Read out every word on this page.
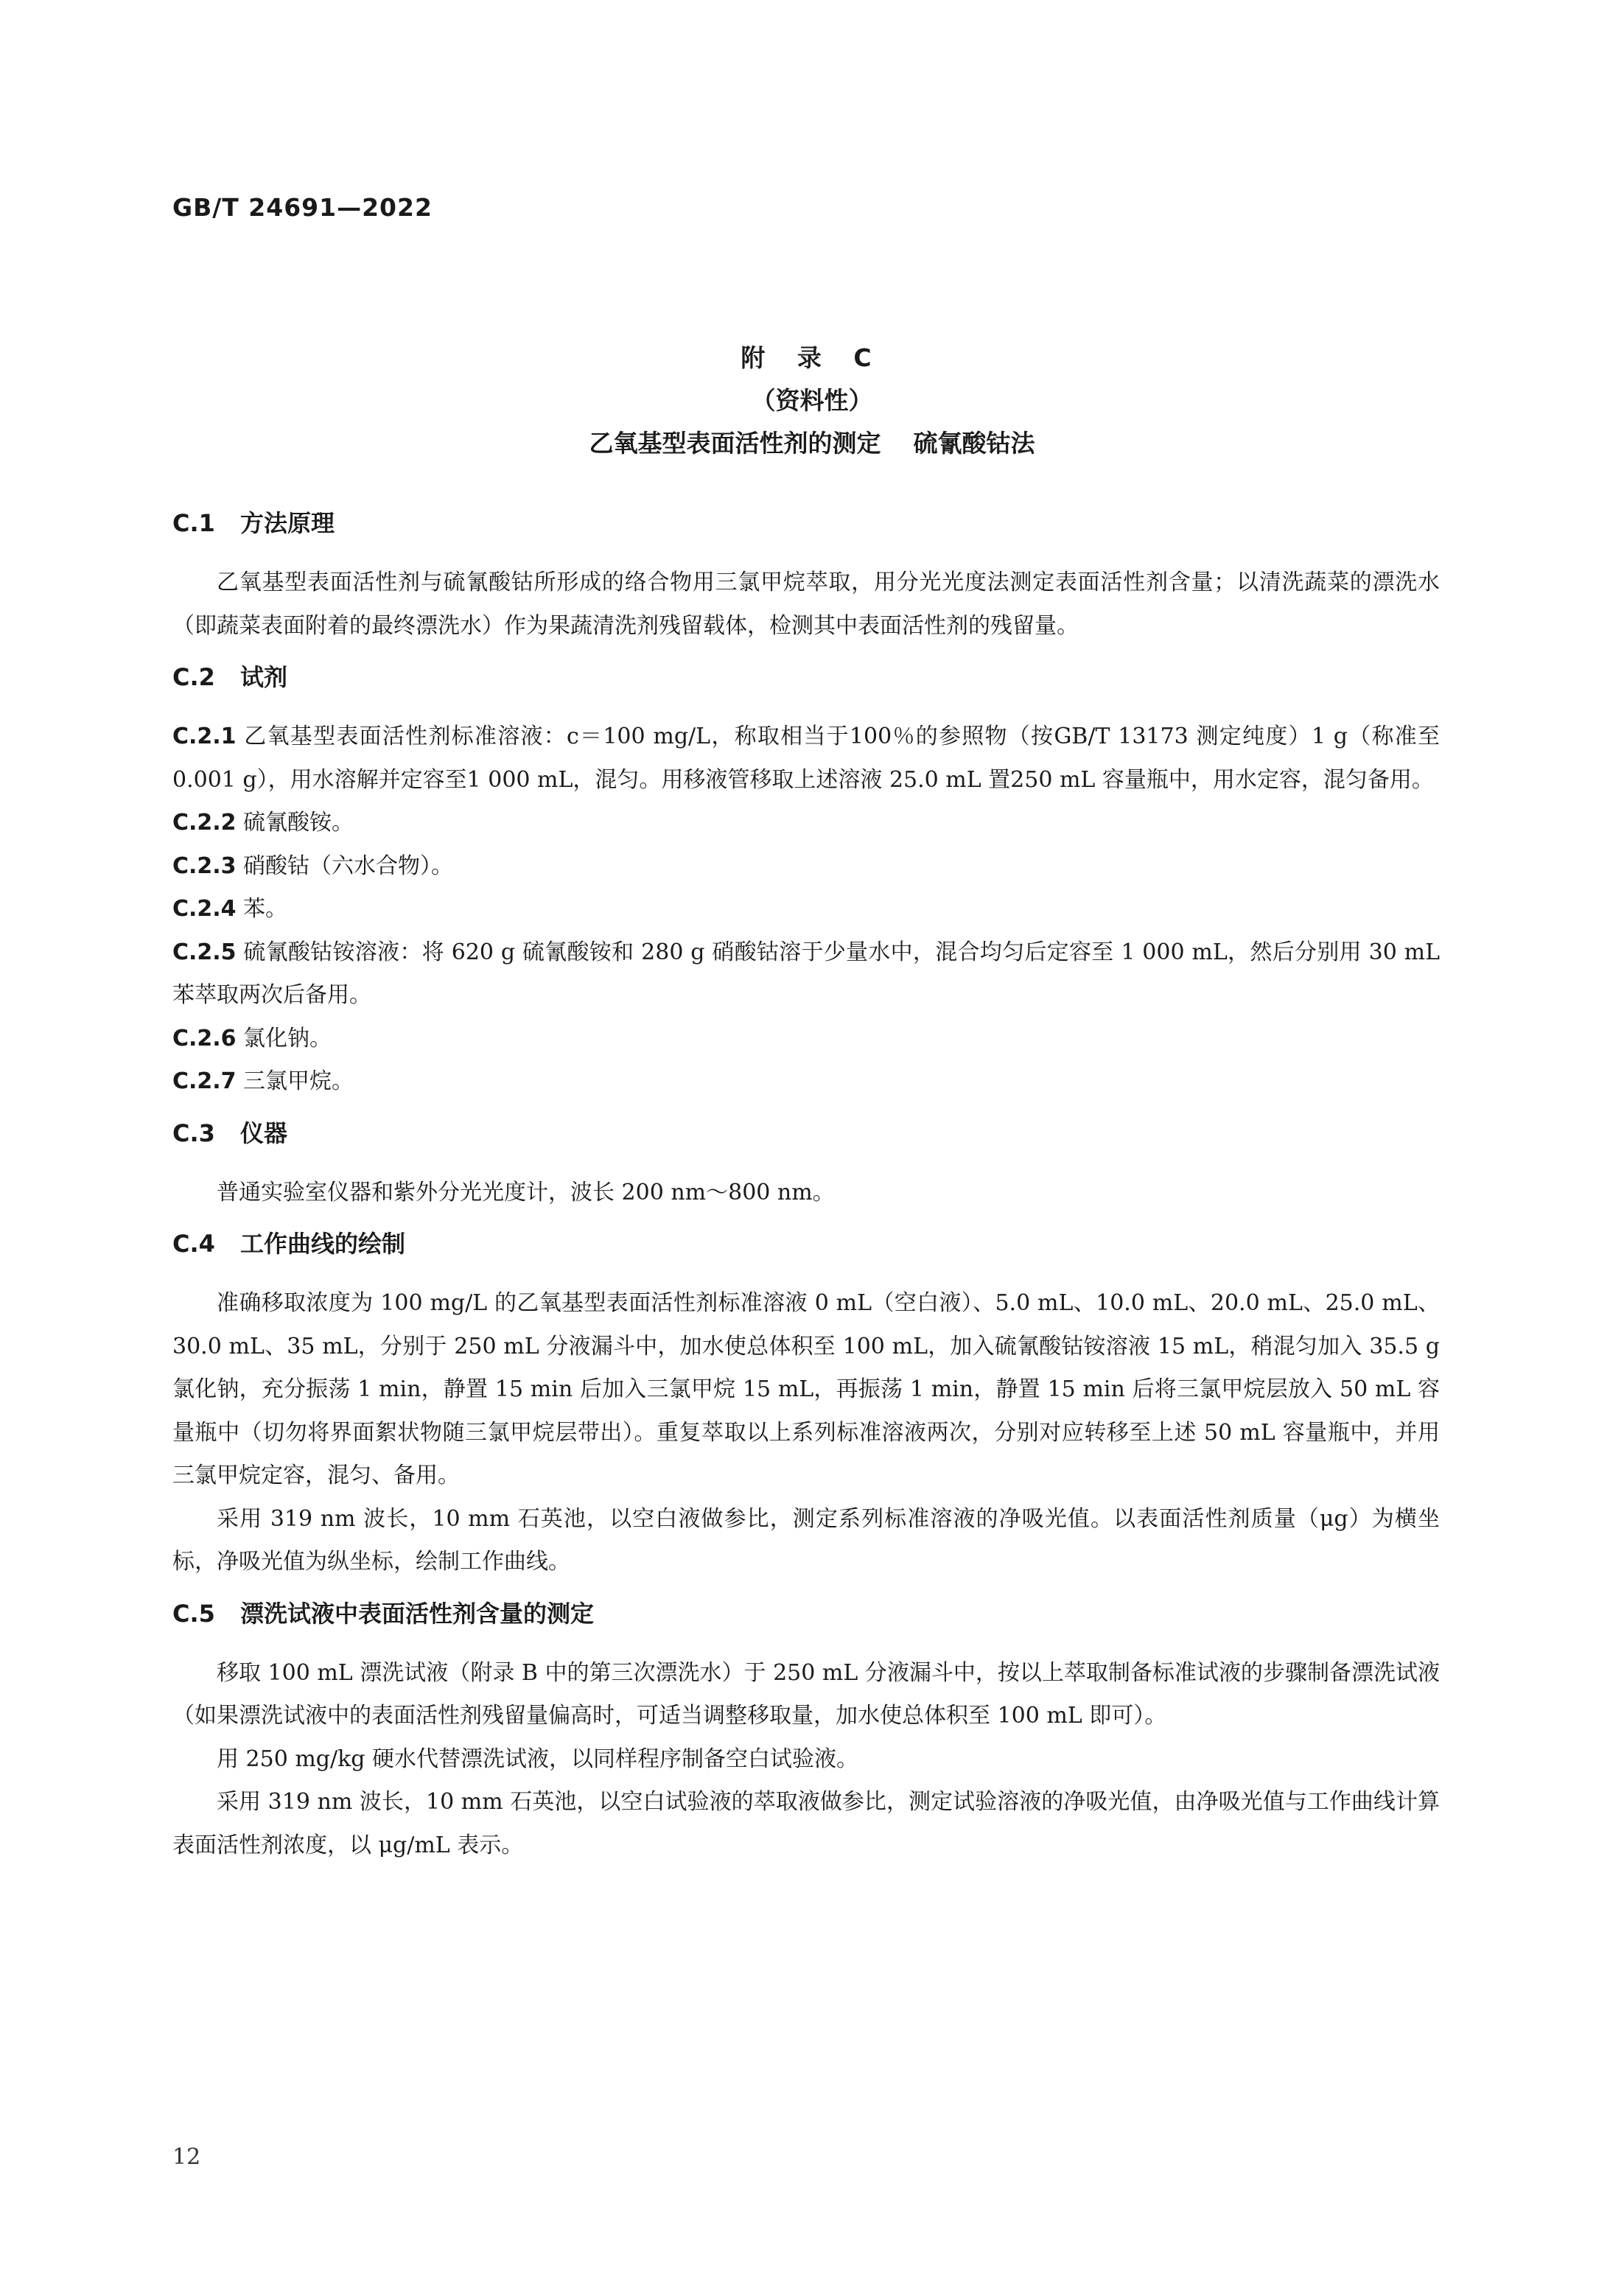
GB/T 24691—2022
附 录 C
（资料性）
乙氧基型表面活性剂的测定 硫氰酸钴法
C.1 方法原理

乙氧基型表面活性剂与硫氰酸钴所形成的络合物用三氯甲烷萃取，用分光光度法测定表面活性剂含量；以清洗蔬菜的漂洗水（即蔬菜表面附着的最终漂洗水）作为果蔬清洗剂残留载体，检测其中表面活性剂的残留量。

C.2 试剂

C.2.1 乙氧基型表面活性剂标准溶液：c＝100 mg/L，称取相当于100％的参照物（按GB/T 13173 测定纯度）1 g（称准至0.001 g），用水溶解并定容至1 000 mL，混匀。用移液管移取上述溶液 25.0 mL 置250 mL 容量瓶中，用水定容，混匀备用。

C.2.2 硫氰酸铵。

C.2.3 硝酸钴（六水合物）。

C.2.4 苯。

C.2.5 硫氰酸钴铵溶液：将 620 g 硫氰酸铵和 280 g 硝酸钴溶于少量水中，混合均匀后定容至 1 000 mL，然后分别用 30 mL 苯萃取两次后备用。

C.2.6 氯化钠。

C.2.7 三氯甲烷。

C.3 仪器

普通实验室仪器和紫外分光光度计，波长 200 nm～800 nm。

C.4 工作曲线的绘制

准确移取浓度为 100 mg/L 的乙氧基型表面活性剂标准溶液 0 mL（空白液）、5.0 mL、10.0 mL、20.0 mL、25.0 mL、30.0 mL、35 mL，分别于 250 mL 分液漏斗中，加水使总体积至 100 mL，加入硫氰酸钴铵溶液 15 mL，稍混匀加入 35.5 g 氯化钠，充分振荡 1 min，静置 15 min 后加入三氯甲烷 15 mL，再振荡 1 min，静置 15 min 后将三氯甲烷层放入 50 mL 容量瓶中（切勿将界面絮状物随三氯甲烷层带出）。重复萃取以上系列标准溶液两次，分别对应转移至上述 50 mL 容量瓶中，并用三氯甲烷定容，混匀、备用。

采用 319 nm 波长，10 mm 石英池，以空白液做参比，测定系列标准溶液的净吸光值。以表面活性剂质量（μg）为横坐标，净吸光值为纵坐标，绘制工作曲线。

C.5 漂洗试液中表面活性剂含量的测定

移取 100 mL 漂洗试液（附录 B 中的第三次漂洗水）于 250 mL 分液漏斗中，按以上萃取制备标准试液的步骤制备漂洗试液（如果漂洗试液中的表面活性剂残留量偏高时，可适当调整移取量，加水使总体积至 100 mL 即可）。

用 250 mg/kg 硬水代替漂洗试液，以同样程序制备空白试验液。

采用 319 nm 波长，10 mm 石英池，以空白试验液的萃取液做参比，测定试验溶液的净吸光值，由净吸光值与工作曲线计算表面活性剂浓度，以 μg/mL 表示。

12
